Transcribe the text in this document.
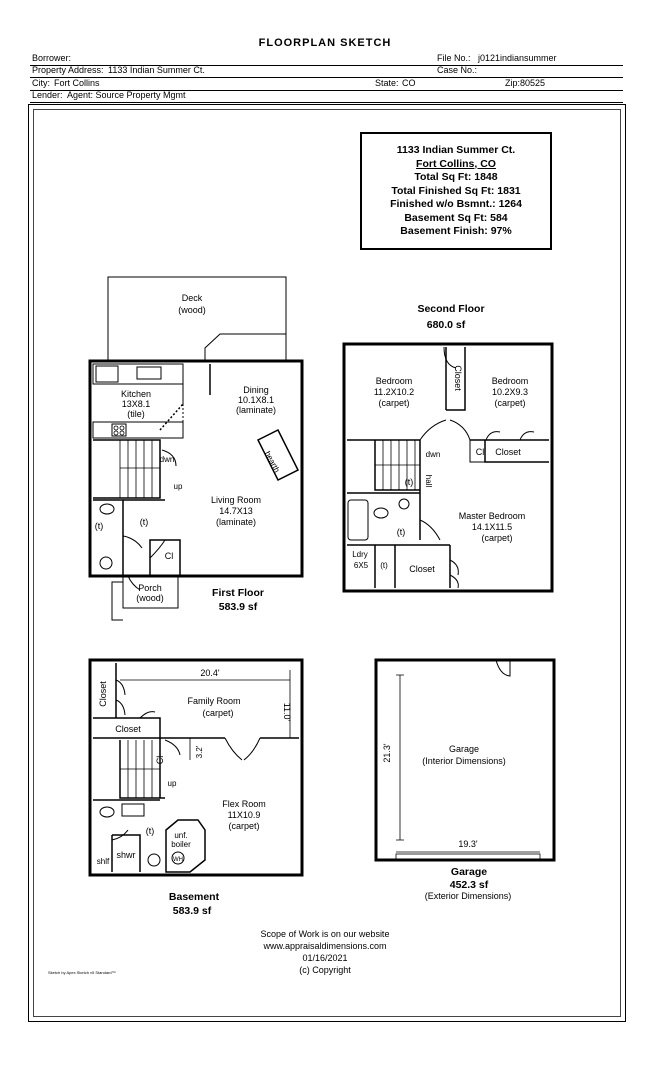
FLOORPLAN SKETCH
Borrower:	File No.: j0121indiansummer
Property Address: 1133 Indian Summer Ct.	Case No.:
City: Fort Collins	State: CO	Zip: 80525
Lender: Agent: Source Property Mgmt
1133 Indian Summer Ct.
Fort Collins, CO
Total Sq Ft: 1848
Total Finished Sq Ft: 1831
Finished w/o Bsmnt.: 1264
Basement Sq Ft: 584
Basement Finish: 97%
Deck
(wood)
Kitchen
13X8.1
(tile)
Dining
10.1X8.1
(laminate)
hearth
dwn
up
Living Room
14.7X13
(laminate)
(t)	(t)
Cl
Porch
(wood)	First Floor
583.9 sf
Second Floor
680.0 sf
Bedroom
11.2X10.2
(carpet)
Closet	Bedroom
10.2X9.3
(carpet)
dwn	Cl Closet
hall
Master Bedroom
14.1X11.5
(carpet)
(t)
(t)
Ldry
6X5 (t) Closet
20.4'
Closet	Family Room
(carpet)	11.0'
Closet
Cl
3.2'
up
Flex Room
11X10.9
(carpet)
(t)	unf.
boiler
WH
shwr
shlf
Basement
583.9 sf
21.3'	Garage
(Interior Dimensions)
19.3'
Garage
452.3 sf
(Exterior Dimensions)
Scope of Work is on our website
www.appraisaldimensions.com
01/16/2021
(c) Copyright
Sketch by Apex Sketch v5 Standard™
